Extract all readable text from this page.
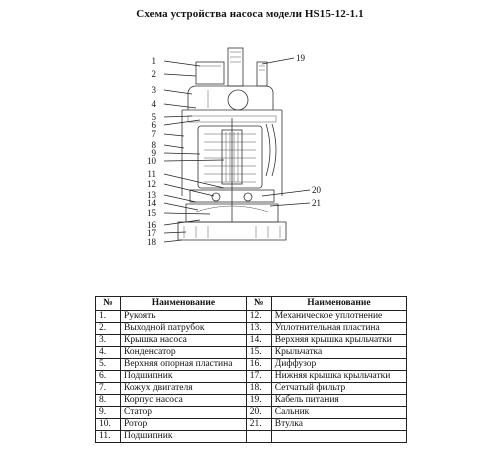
Схема устройства насоса модели HS15-12-1.1
1
2
3
4
5
6
7
8
9
10
11
12
13
14
15
16
17
18
19
20
21
№	Наименование	№	Наименование
1.	Рукоять	12.	Механическое уплотнение
2.	Выходной патрубок	13.	Уплотнительная пластина
3.	Крышка насоса	14.	Верхняя крышка крыльчатки
4.	Конденсатор	15.	Крыльчатка
5.	Верхняя опорная пластина	16.	Диффузор
6.	Подшипник	17.	Нижняя крышка крыльчатки
7.	Кожух двигателя	18.	Сетчатый фильтр
8.	Корпус насоса	19.	Кабель питания
9.	Статор	20.	Сальник
10.	Ротор	21.	Втулка
11.	Подшипник		
